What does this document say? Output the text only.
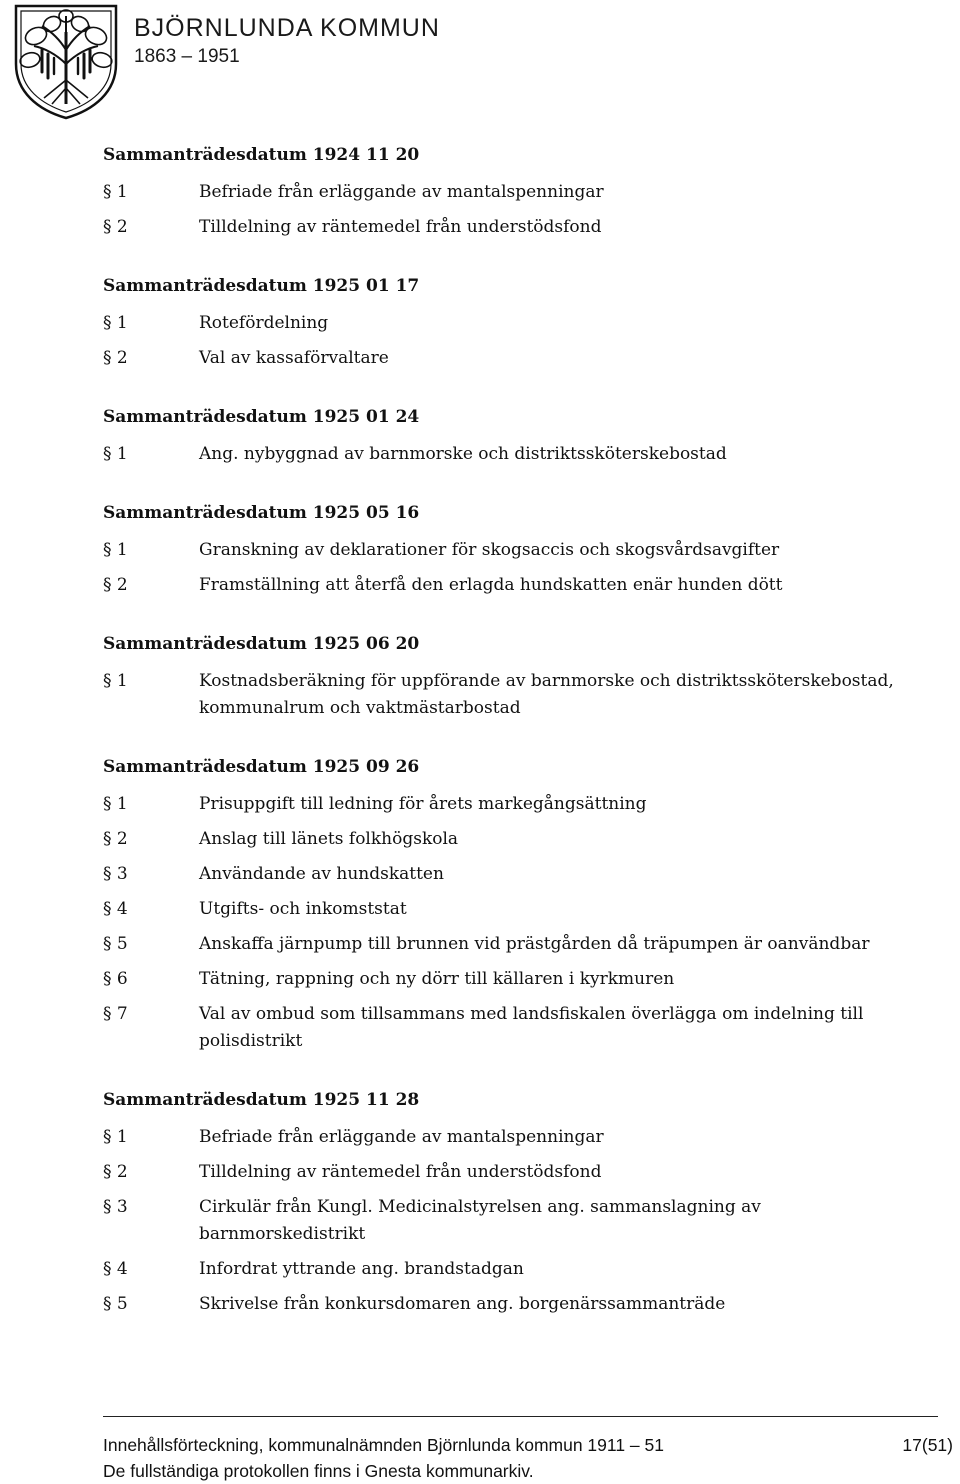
BJÖRNLUNDA KOMMUN
1863 – 1951
Sammanträdesdatum 1924 11 20
§ 1	Befriade från erläggande av mantalspenningar
§ 2	Tilldelning av räntemedel från understödsfond
Sammanträdesdatum 1925 01 17
§ 1	Rotefördelning
§ 2	Val av kassaförvaltare
Sammanträdesdatum 1925 01 24
§ 1	Ang. nybyggnad av barnmorske och distriktssköterskebostad
Sammanträdesdatum 1925 05 16
§ 1	Granskning av deklarationer för skogsaccis och skogsvårdsavgifter
§ 2	Framställning att återfå den erlagda hundskatten enär hunden dött
Sammanträdesdatum 1925 06 20
§ 1	Kostnadsberäkning för uppförande av barnmorske och distriktssköterskebostad, kommunalrum och vaktmästarbostad
Sammanträdesdatum 1925 09 26
§ 1	Prisuppgift till ledning för årets markegångsättning
§ 2	Anslag till länets folkhögskola
§ 3	Användande av hundskatten
§ 4	Utgifts- och inkomststat
§ 5	Anskaffa järnpump till brunnen vid prästgården då träpumpen är oanvändbar
§ 6	Tätning, rappning och ny dörr till källaren i kyrkmuren
§ 7	Val av ombud som tillsammans med landsfiskalen överlägga om indelning till polisdistrikt
Sammanträdesdatum 1925 11 28
§ 1	Befriade från erläggande av mantalspenningar
§ 2	Tilldelning av räntemedel från understödsfond
§ 3	Cirkulär från Kungl. Medicinalstyrelsen ang. sammanslagning av barnmorskedistrikt
§ 4	Infordrat yttrande ang. brandstadgan
§ 5	Skrivelse från konkursdomaren ang. borgenärssammanträde
Innehållsförteckning, kommunalnämnden Björnlunda kommun 1911 – 51
De fullständiga protokollen finns i Gnesta kommunarkiv.
17(51)
